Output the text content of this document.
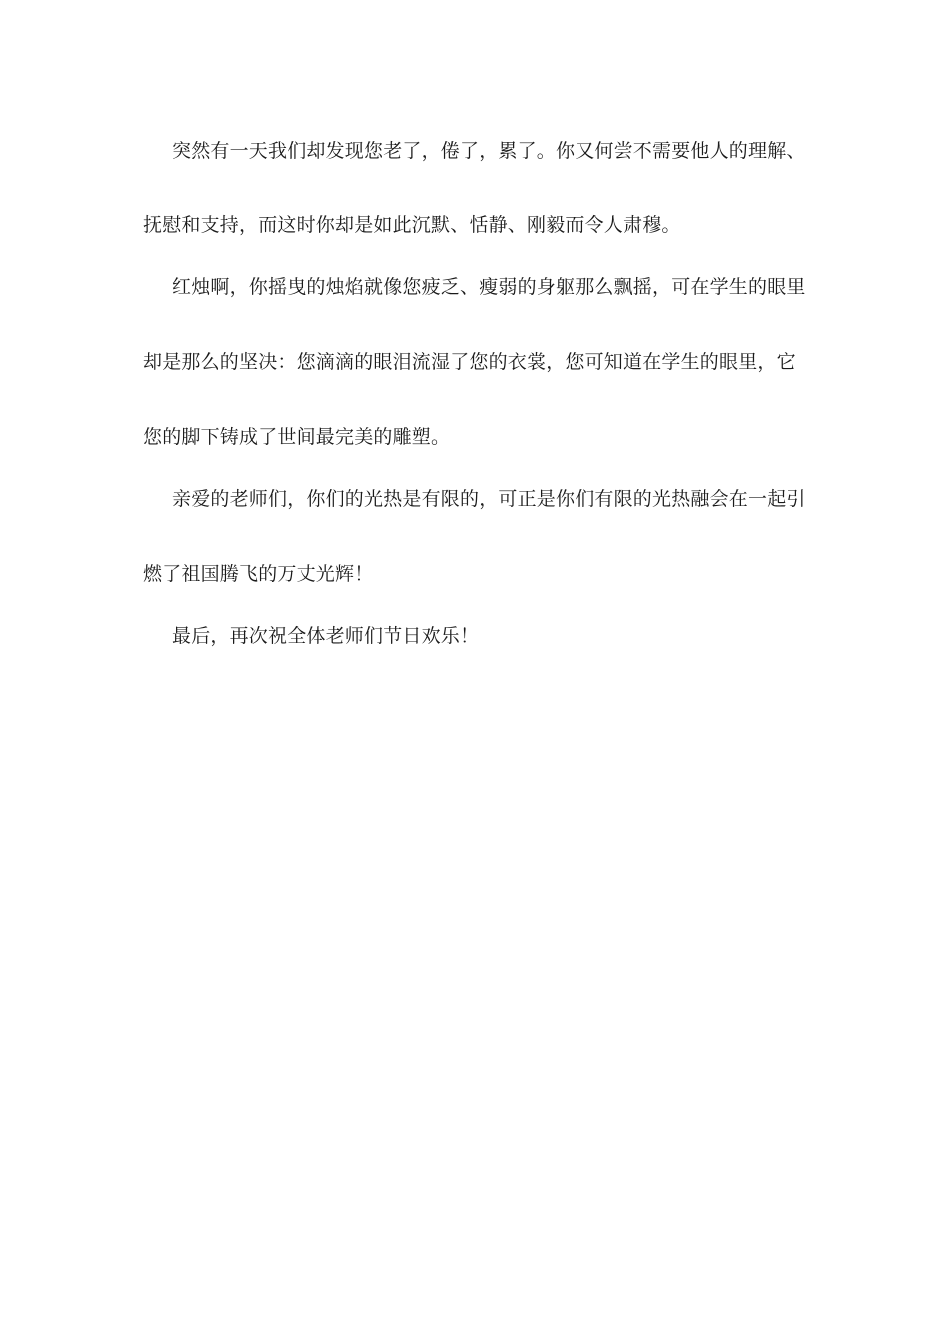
突然有一天我们却发现您老了，倦了，累了。你又何尝不需要他人的理解、
抚慰和支持，而这时你却是如此沉默、恬静、刚毅而令人肃穆。
红烛啊，你摇曳的烛焰就像您疲乏、瘦弱的身躯那么飘摇，可在学生的眼里
却是那么的坚决：您滴滴的眼泪流湿了您的衣裳，您可知道在学生的眼里，它
您的脚下铸成了世间最完美的雕塑。
亲爱的老师们，你们的光热是有限的，可正是你们有限的光热融会在一起引
燃了祖国腾飞的万丈光辉！
最后，再次祝全体老师们节日欢乐！
